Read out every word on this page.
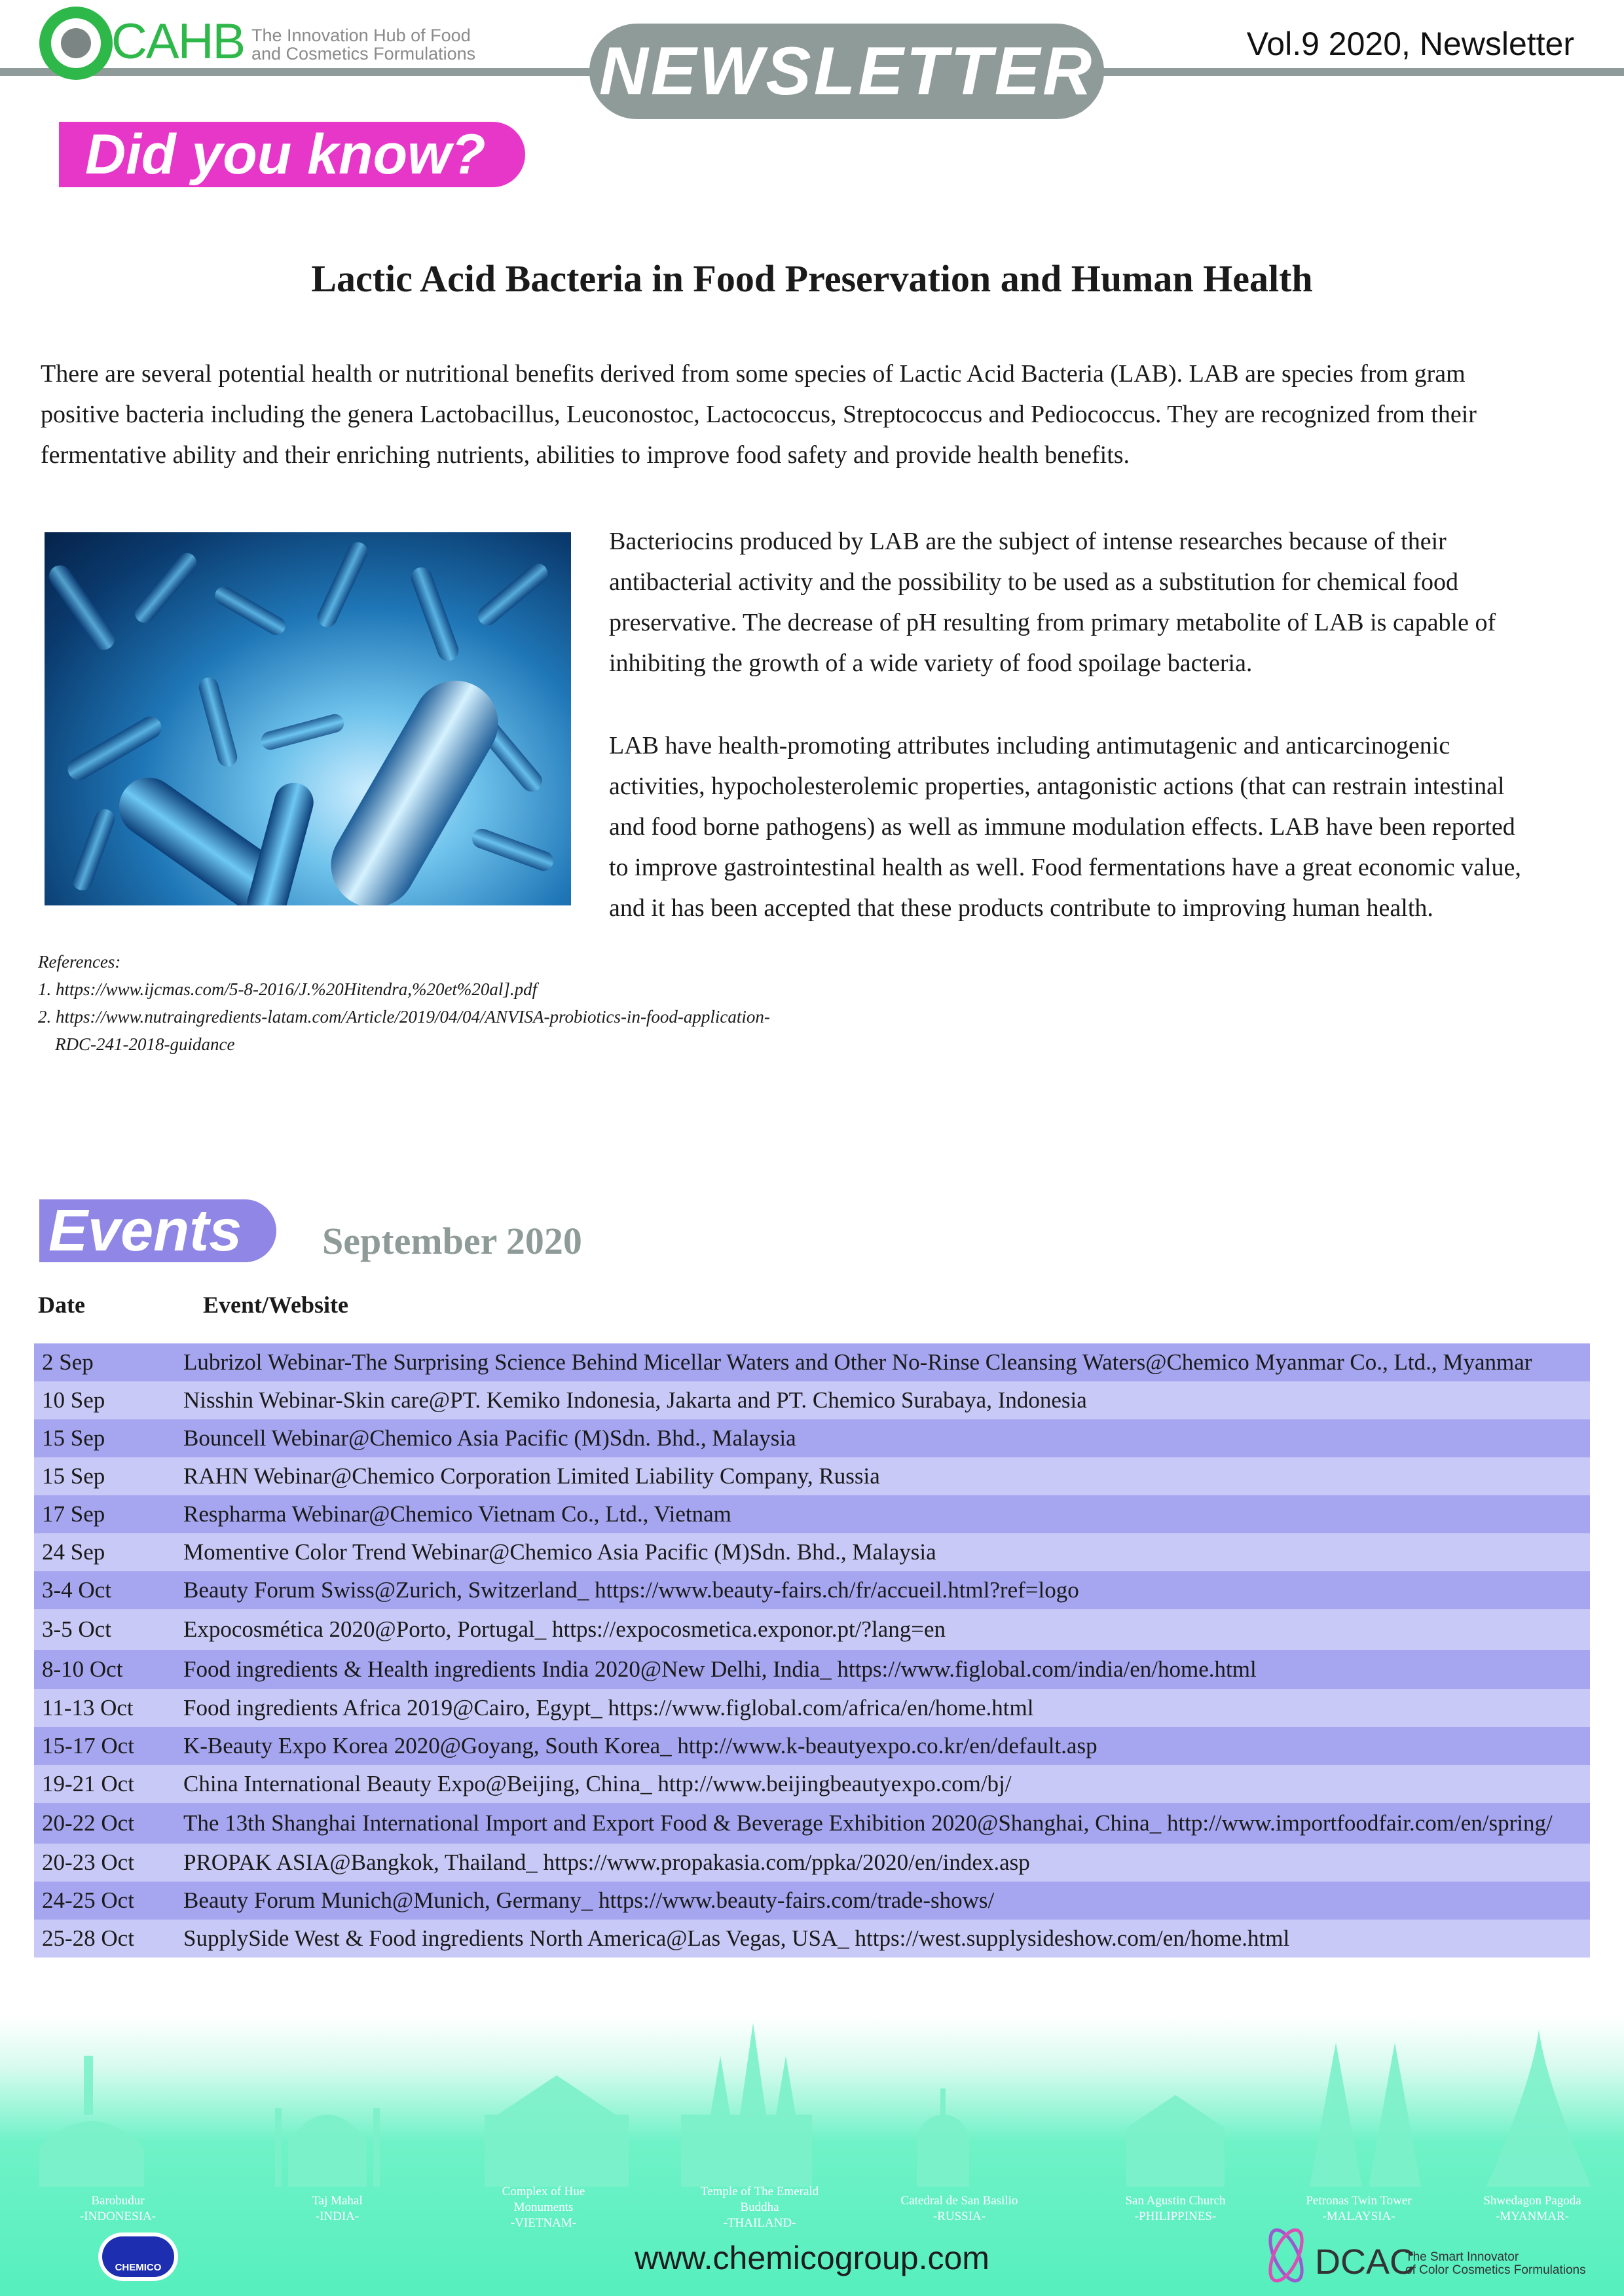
CAHB The Innovation Hub of Food
and Cosmetics Formulations NEWSLETTER	Vol.9 2020, Newsletter
Did you know?
Lactic Acid Bacteria in Food Preservation and Human Health
There are several potential health or nutritional benefits derived from some species of Lactic Acid Bacteria (LAB). LAB are species from gram
positive bacteria including the genera Lactobacillus, Leuconostoc, Lactococcus, Streptococcus and Pediococcus. They are recognized from their
fermentative ability and their enriching nutrients, abilities to improve food safety and provide health benefits.
Bacteriocins produced by LAB are the subject of intense researches because of their
antibacterial activity and the possibility to be used as a substitution for chemical food
preservative. The decrease of pH resulting from primary metabolite of LAB is capable of
inhibiting the growth of a wide variety of food spoilage bacteria.
LAB have health-promoting attributes including antimutagenic and anticarcinogenic
activities, hypocholesterolemic properties, antagonistic actions (that can restrain intestinal
and food borne pathogens) as well as immune modulation effects. LAB have been reported
to improve gastrointestinal health as well. Food fermentations have a great economic value,
and it has been accepted that these products contribute to improving human health.
References:
1. https://www.ijcmas.com/5-8-2016/J.%20Hitendra,%20et%20al].pdf
2. https://www.nutraingredients-latam.com/Article/2019/04/04/ANVISA-probiotics-in-food-application-
RDC-241-2018-guidance
Events	September 2020
Date	Event/Website
2 Sep	Lubrizol Webinar-The Surprising Science Behind Micellar Waters and Other No-Rinse Cleansing Waters@Chemico Myanmar Co., Ltd., Myanmar
10 Sep	Nisshin Webinar-Skin care@PT. Kemiko Indonesia, Jakarta and PT. Chemico Surabaya, Indonesia
15 Sep	Bouncell Webinar@Chemico Asia Pacific (M)Sdn. Bhd., Malaysia
15 Sep	RAHN Webinar@Chemico Corporation Limited Liability Company, Russia
17 Sep	Respharma Webinar@Chemico Vietnam Co., Ltd., Vietnam
24 Sep	Momentive Color Trend Webinar@Chemico Asia Pacific (M)Sdn. Bhd., Malaysia
3-4 Oct	Beauty Forum Swiss@Zurich, Switzerland_ https://www.beauty-fairs.ch/fr/accueil.html?ref=logo
3-5 Oct	Expocosmética 2020@Porto, Portugal_ https://expocosmetica.exponor.pt/?lang=en
8-10 Oct	Food ingredients & Health ingredients India 2020@New Delhi, India_ https://www.figlobal.com/india/en/home.html
11-13 Oct	Food ingredients Africa 2019@Cairo, Egypt_ https://www.figlobal.com/africa/en/home.html
15-17 Oct	K-Beauty Expo Korea 2020@Goyang, South Korea_ http://www.k-beautyexpo.co.kr/en/default.asp
19-21 Oct	China International Beauty Expo@Beijing, China_ http://www.beijingbeautyexpo.com/bj/
20-22 Oct	The 13th Shanghai International Import and Export Food & Beverage Exhibition 2020@Shanghai, China_ http://www.importfoodfair.com/en/spring/
20-23 Oct	PROPAK ASIA@Bangkok, Thailand_ https://www.propakasia.com/ppka/2020/en/index.asp
24-25 Oct	Beauty Forum Munich@Munich, Germany_ https://www.beauty-fairs.com/trade-shows/
25-28 Oct	SupplySide West & Food ingredients North America@Las Vegas, USA_ https://west.supplysideshow.com/en/home.html
Barobudur
-INDONESIA-
Taj Mahal
-INDIA-
Complex of Hue Monuments
-VIETNAM-
Temple of The Emerald Buddha
-THAILAND-
Catedral de San Basilio
-RUSSIA-
San Agustin Church
-PHILIPPINES-
Petronas Twin Tower
-MALAYSIA-
Shwedagon Pagoda
-MYANMAR-
CHEMICO	www.chemicogroup.com	DCAC
The Smart Innovator
of Color Cosmetics Formulations
